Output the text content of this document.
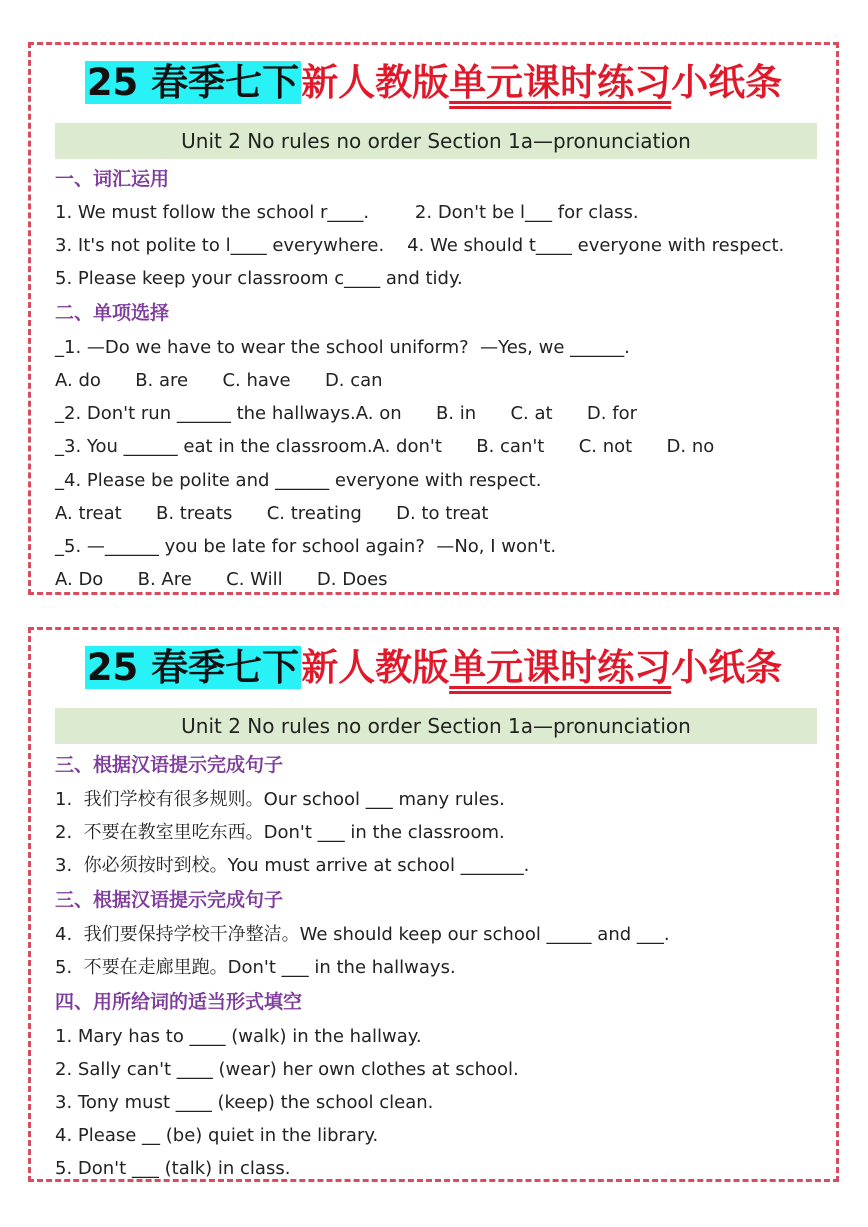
25 春季七下新人教版单元课时练习小纸条
Unit 2 No rules no order Section 1a—pronunciation
一、词汇运用
1. We must follow the school r____.        2. Don't be l___ for class.
3. It's not polite to l____ everywhere.    4. We should t____ everyone with respect.
5. Please keep your classroom c____ and tidy.
二、单项选择
_1. —Do we have to wear the school uniform?  —Yes, we ______.
A. do      B. are      C. have      D. can
_2. Don't run ______ the hallways.A. on      B. in      C. at      D. for
_3. You ______ eat in the classroom.A. don't      B. can't      C. not      D. no
_4. Please be polite and ______ everyone with respect.
A. treat      B. treats      C. treating      D. to treat
_5. —______ you be late for school again?  —No, I won't.
A. Do      B. Are      C. Will      D. Does
25 春季七下新人教版单元课时练习小纸条
Unit 2 No rules no order Section 1a—pronunciation
三、根据汉语提示完成句子
1.  我们学校有很多规则。Our school ___ many rules.
2.  不要在教室里吃东西。Don't ___ in the classroom.
3.  你必须按时到校。You must arrive at school _______.
三、根据汉语提示完成句子
4.  我们要保持学校干净整洁。We should keep our school _____ and ___.
5.  不要在走廊里跑。Don't ___ in the hallways.
四、用所给词的适当形式填空
1. Mary has to ____ (walk) in the hallway.
2. Sally can't ____ (wear) her own clothes at school.
3. Tony must ____ (keep) the school clean.
4. Please __ (be) quiet in the library.
5. Don't ___ (talk) in class.
